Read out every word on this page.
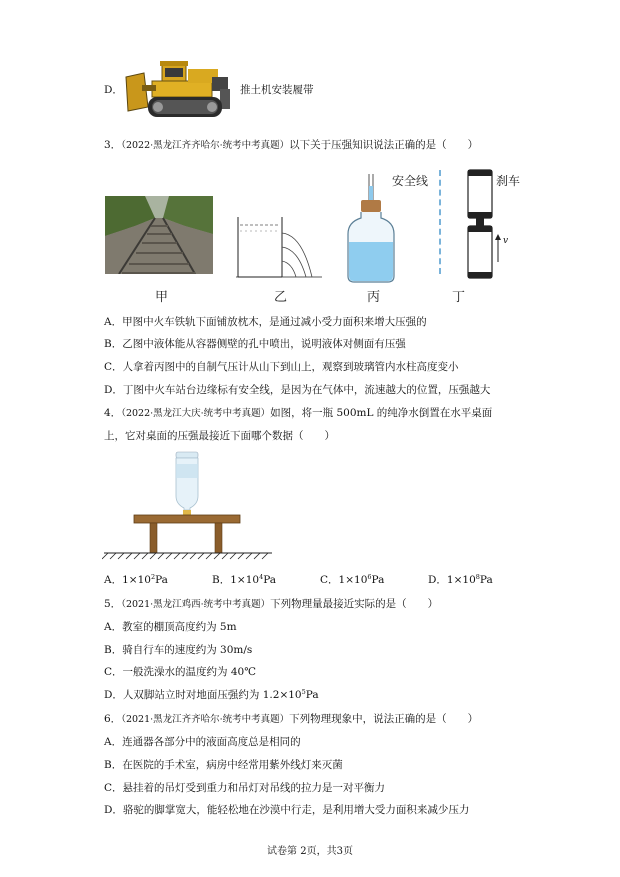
D．	推土机安装履带
3．（2022·黑龙江齐齐哈尔·统考中考真题）以下关于压强知识说法正确的是（　　）
安全线	刹车
v
甲	乙	丙	丁
A．甲图中火车铁轨下面铺放枕木，是通过减小受力面积来增大压强的
B．乙图中液体能从容器侧壁的孔中喷出，说明液体对侧面有压强
C．人拿着丙图中的自制气压计从山下到山上，观察到玻璃管内水柱高度变小
D．丁图中火车站台边缘标有安全线，是因为在气体中，流速越大的位置，压强越大
4．（2022·黑龙江大庆·统考中考真题）如图，将一瓶 500mL 的纯净水倒置在水平桌面
上，它对桌面的压强最接近下面哪个数据（　　）
A．$1\times 10^2Pa$	B．$1\times 10^4Pa$	C．$1\times 10^6Pa$	D．$1\times 10^8Pa$
5．（2021·黑龙江鸡西·统考中考真题）下列物理量最接近实际的是（　　）
A．教室的棚顶高度约为 5m
B．骑自行车的速度约为 30m/s
C．一般洗澡水的温度约为 40℃
D．人双脚站立时对地面压强约为 $1.2\times 10^5Pa$
6．（2021·黑龙江齐齐哈尔·统考中考真题）下列物理现象中，说法正确的是（　　）
A．连通器各部分中的液面高度总是相同的
B．在医院的手术室，病房中经常用紫外线灯来灭菌
C．悬挂着的吊灯受到重力和吊灯对吊线的拉力是一对平衡力
D．骆驼的脚掌宽大，能轻松地在沙漠中行走，是利用增大受力面积来减少压力
试卷第 2页，共3页
